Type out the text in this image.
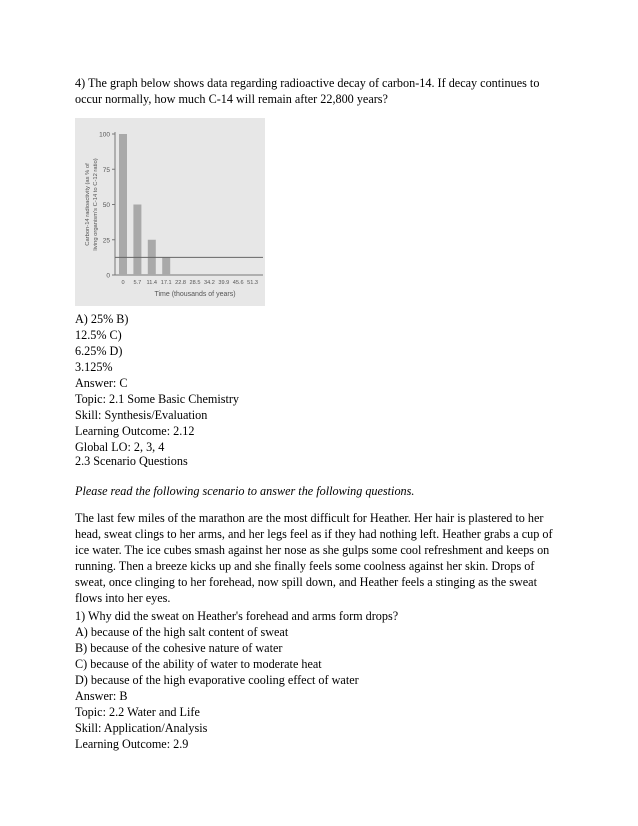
4) The graph below shows data regarding radioactive decay of carbon-14. If decay continues to occur normally, how much C-14 will remain after 22,800 years?

0
25
50
75
100
0 5.7 11.4 17.1 22.8 28.5 34.2 39.9 45.6 51.3
Time (thousands of years)
Carbon-14 radioactivity (as % of living organism's C-14 to C-12 ratio)

A) 25% B)

12.5% C)

6.25% D)

3.125%

Answer: C

Topic: 2.1 Some Basic Chemistry

Skill: Synthesis/Evaluation

Learning Outcome: 2.12

Global LO: 2, 3, 4

2.3 Scenario Questions

Please read the following scenario to answer the following questions.

The last few miles of the marathon are the most difficult for Heather. Her hair is plastered to her head, sweat clings to her arms, and her legs feel as if they had nothing left. Heather grabs a cup of ice water. The ice cubes smash against her nose as she gulps some cool refreshment and keeps on running. Then a breeze kicks up and she finally feels some coolness against her skin. Drops of sweat, once clinging to her forehead, now spill down, and Heather feels a stinging as the sweat flows into her eyes.

1) Why did the sweat on Heather's forehead and arms form drops?

A) because of the high salt content of sweat

B) because of the cohesive nature of water

C) because of the ability of water to moderate heat

D) because of the high evaporative cooling effect of water

Answer: B

Topic: 2.2 Water and Life

Skill: Application/Analysis

Learning Outcome: 2.9
